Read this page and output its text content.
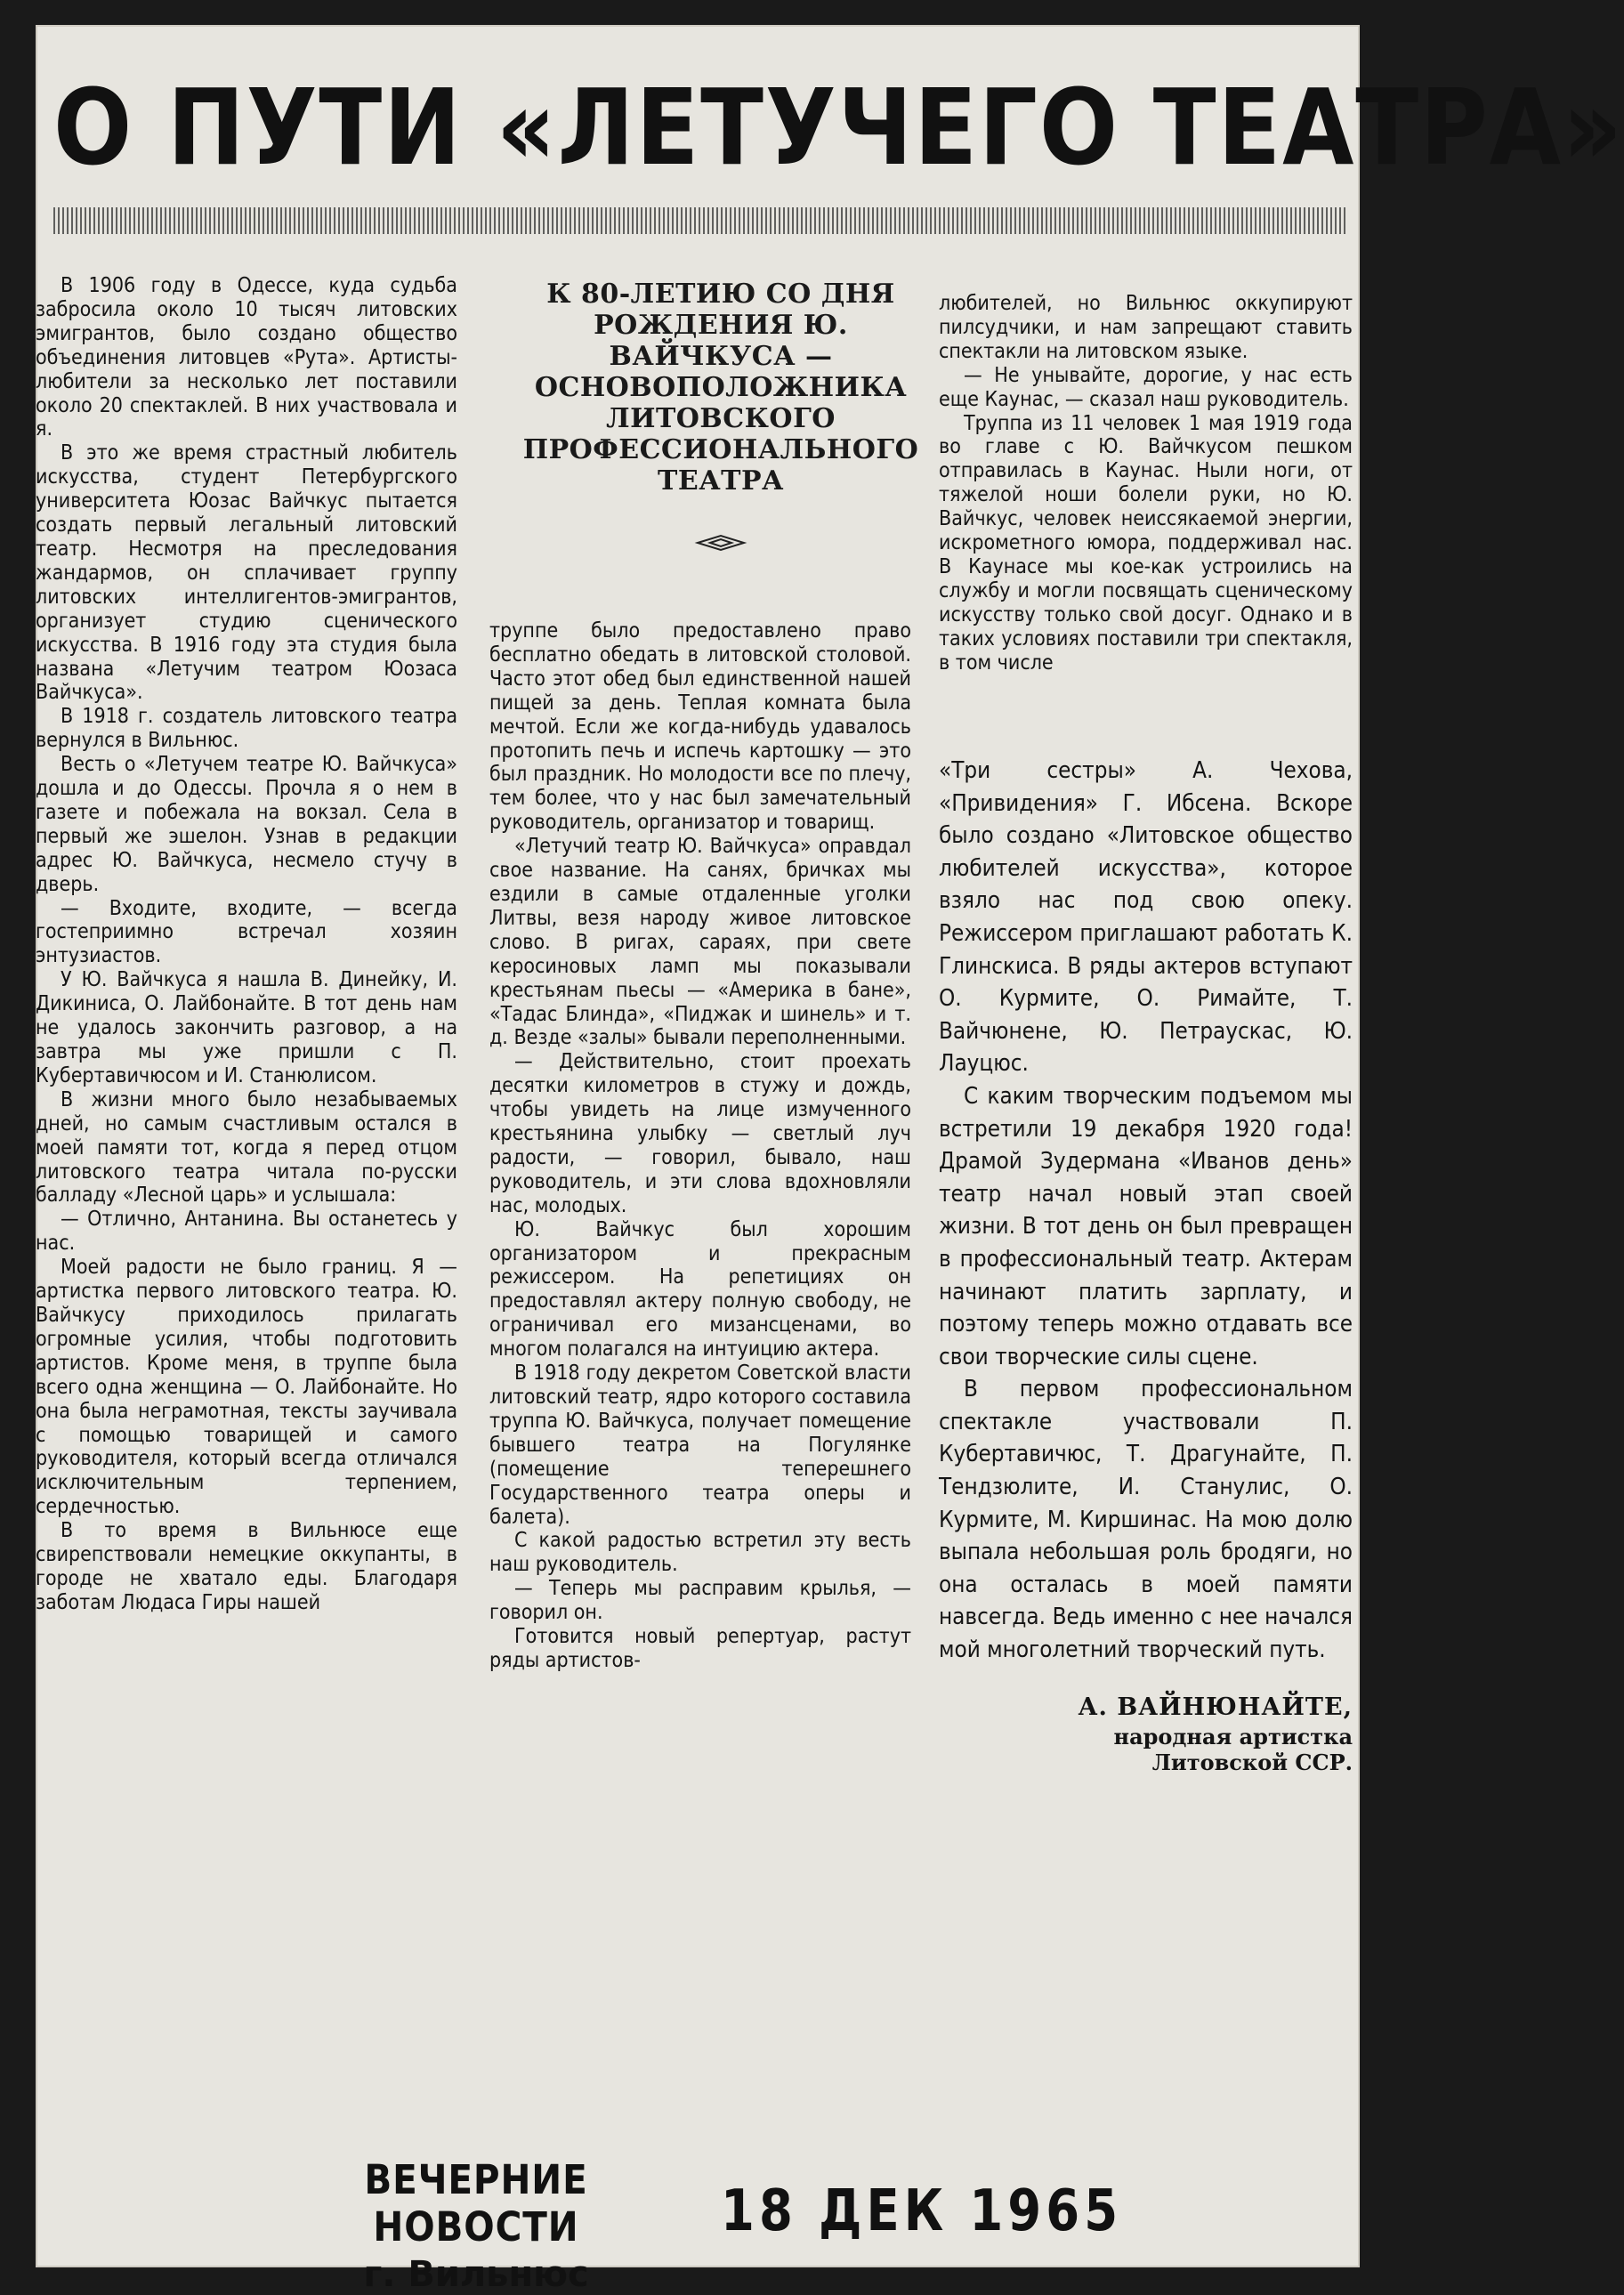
О ПУТИ «ЛЕТУЧЕГО ТЕАТРА»

В 1906 году в Одессе, куда судьба забросила около 10 тысяч литовских эмигрантов, было создано общество объединения литовцев «Рута». Артисты-любители за несколько лет поставили около 20 спектаклей. В них участвовала и я.

В это же время страстный любитель искусства, студент Петербургского университета Юозас Вайчкус пытается создать первый легальный литовский театр. Несмотря на преследования жандармов, он сплачивает группу литовских интеллигентов-эмигрантов, организует студию сценического искусства. В 1916 году эта студия была названа «Летучим театром Юозаса Вайчкуса».

В 1918 г. создатель литовского театра вернулся в Вильнюс.

Весть о «Летучем театре Ю. Вайчкуса» дошла и до Одессы. Прочла я о нем в газете и побежала на вокзал. Села в первый же эшелон. Узнав в редакции адрес Ю. Вайчкуса, несмело стучу в дверь.

— Входите, входите, — всегда гостеприимно встречал хозяин энтузиастов.

У Ю. Вайчкуса я нашла В. Динейку, И. Дикиниса, О. Лайбонайте. В тот день нам не удалось закончить разговор, а на завтра мы уже пришли с П. Кубертавичюсом и И. Станюлисом.

В жизни много было незабываемых дней, но самым счастливым остался в моей памяти тот, когда я перед отцом литовского театра читала по-русски балладу «Лесной царь» и услышала:

— Отлично, Антанина. Вы останетесь у нас.

Моей радости не было границ. Я — артистка первого литовского театра. Ю. Вайчкусу приходилось прилагать огромные усилия, чтобы подготовить артистов. Кроме меня, в труппе была всего одна женщина — О. Лайбонайте. Но она была неграмотная, тексты заучивала с помощью товарищей и самого руководителя, который всегда отличался исключительным терпением, сердечностью.

В то время в Вильнюсе еще свирепствовали немецкие оккупанты, в городе не хватало еды. Благодаря заботам Людаса Гиры нашей

К 80-ЛЕТИЮ СО ДНЯ РОЖДЕНИЯ Ю. ВАЙЧКУСА — ОСНОВОПОЛОЖНИКА ЛИТОВСКОГО ПРОФЕССИОНАЛЬНОГО ТЕАТРА

труппе было предоставлено право бесплатно обедать в литовской столовой. Часто этот обед был единственной нашей пищей за день. Теплая комната была мечтой. Если же когда-нибудь удавалось протопить печь и испечь картошку — это был праздник. Но молодости все по плечу, тем более, что у нас был замечательный руководитель, организатор и товарищ.

«Летучий театр Ю. Вайчкуса» оправдал свое название. На санях, бричках мы ездили в самые отдаленные уголки Литвы, везя народу живое литовское слово. В ригах, сараях, при свете керосиновых ламп мы показывали крестьянам пьесы — «Америка в бане», «Тадас Блинда», «Пиджак и шинель» и т. д. Везде «залы» бывали переполненными.

— Действительно, стоит проехать десятки километров в стужу и дождь, чтобы увидеть на лице измученного крестьянина улыбку — светлый луч радости, — говорил, бывало, наш руководитель, и эти слова вдохновляли нас, молодых.

Ю. Вайчкус был хорошим организатором и прекрасным режиссером. На репетициях он предоставлял актеру полную свободу, не ограничивал его мизансценами, во многом полагался на интуицию актера.

В 1918 году декретом Советской власти литовский театр, ядро которого составила труппа Ю. Вайчкуса, получает помещение бывшего театра на Погулянке (помещение теперешнего Государственного театра оперы и балета).

С какой радостью встретил эту весть наш руководитель.

— Теперь мы расправим крылья, — говорил он.

Готовится новый репертуар, растут ряды артистов-

любителей, но Вильнюс оккупируют пилсудчики, и нам запрещают ставить спектакли на литовском языке.

— Не унывайте, дорогие, у нас есть еще Каунас, — сказал наш руководитель.

Труппа из 11 человек 1 мая 1919 года во главе с Ю. Вайчкусом пешком отправилась в Каунас. Ныли ноги, от тяжелой ноши болели руки, но Ю. Вайчкус, человек неиссякаемой энергии, искрометного юмора, поддерживал нас. В Каунасе мы кое-как устроились на службу и могли посвящать сценическому искусству только свой досуг. Однако и в таких условиях поставили три спектакля, в том числе

«Три сестры» А. Чехова, «Привидения» Г. Ибсена. Вскоре было создано «Литовское общество любителей искусства», которое взяло нас под свою опеку. Режиссером приглашают работать К. Глинскиса. В ряды актеров вступают О. Курмите, О. Римайте, Т. Вайчюнене, Ю. Петраускас, Ю. Лауцюс.

С каким творческим подъемом мы встретили 19 декабря 1920 года! Драмой Зудермана «Иванов день» театр начал новый этап своей жизни. В тот день он был превращен в профессиональный театр. Актерам начинают платить зарплату, и поэтому теперь можно отдавать все свои творческие силы сцене.

В первом профессиональном спектакле участвовали П. Кубертавичюс, Т. Драгунайте, П. Тендзюлите, И. Станулис, О. Курмите, М. Киршинас. На мою долю выпала небольшая роль бродяги, но она осталась в моей памяти навсегда. Ведь именно с нее начался мой многолетний творческий путь.

А. ВАЙНЮНАЙТЕ,
народная артистка
Литовской ССР.
ВЕЧЕРНИЕ НОВОСТИ
г. Вильнюс
18 ДЕК 1965
